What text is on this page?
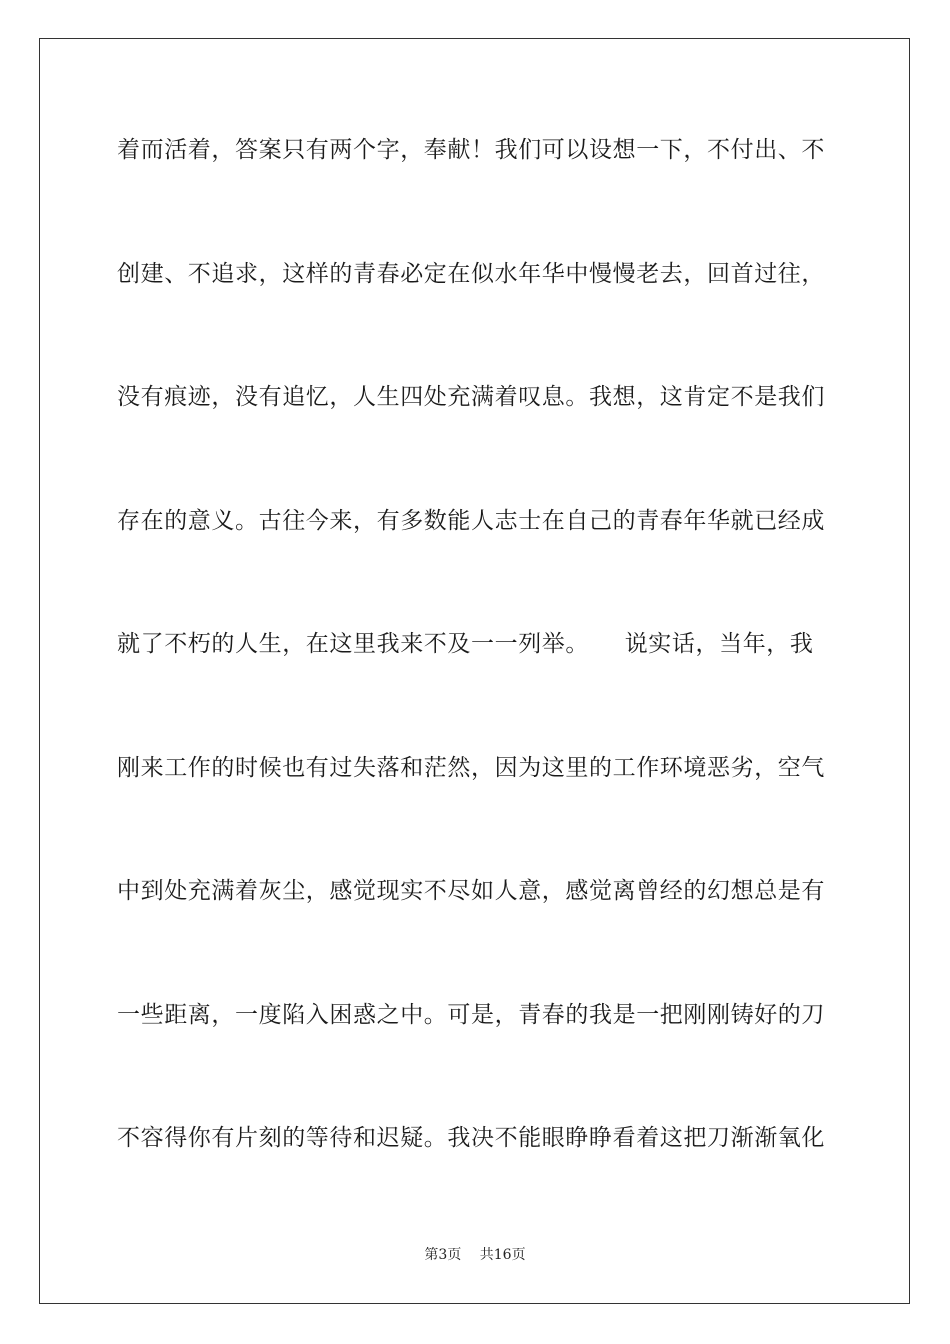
着而活着，答案只有两个字，奉献！我们可以设想一下，不付出、不
创建、不追求，这样的青春必定在似水年华中慢慢老去，回首过往，
没有痕迹，没有追忆，人生四处充满着叹息。我想，这肯定不是我们
存在的意义。古往今来，有多数能人志士在自己的青春年华就已经成
就了不朽的人生，在这里我来不及一一列举。　　说实话，当年，我
刚来工作的时候也有过失落和茫然，因为这里的工作环境恶劣，空气
中到处充满着灰尘，感觉现实不尽如人意，感觉离曾经的幻想总是有
一些距离，一度陷入困惑之中。可是，青春的我是一把刚刚铸好的刀
不容得你有片刻的等待和迟疑。我决不能眼睁睁看着这把刀渐渐氧化
第3页　 共16页
